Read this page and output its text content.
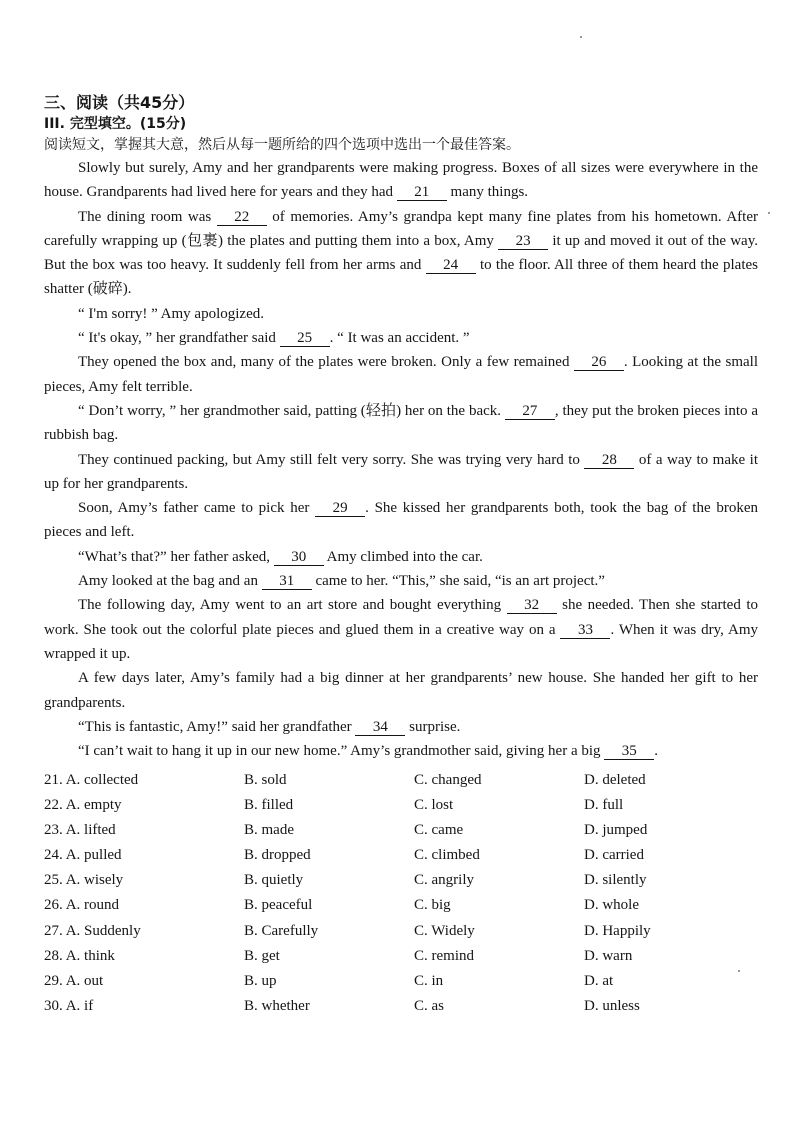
三、阅读（共45分）

III. 完型填空。(15分)

阅读短文，掌握其大意，然后从每一题所给的四个选项中选出一个最佳答案。

Slowly but surely, Amy and her grandparents were making progress. Boxes of all sizes were everywhere in the house. Grandparents had lived here for years and they had 21 many things.

The dining room was 22 of memories. Amy’s grandpa kept many fine plates from his hometown. After carefully wrapping up (包裹) the plates and putting them into a box, Amy 23 it up and moved it out of the way. But the box was too heavy. It suddenly fell from her arms and 24 to the floor. All three of them heard the plates shatter (破碎).

“ I'm sorry! ” Amy apologized.

“ It's okay, ” her grandfather said 25 . “ It was an accident. ”

They opened the box and, many of the plates were broken. Only a few remained 26 . Looking at the small pieces, Amy felt terrible.

“ Don’t worry, ” her grandmother said, patting (轻拍) her on the back. 27 , they put the broken pieces into a rubbish bag.

They continued packing, but Amy still felt very sorry. She was trying very hard to 28 of a way to make it up for her grandparents.

Soon, Amy’s father came to pick her 29 . She kissed her grandparents both, took the bag of the broken pieces and left.

“What’s that?” her father asked, 30 Amy climbed into the car.

Amy looked at the bag and an 31 came to her. “This,” she said, “is an art project.”

The following day, Amy went to an art store and bought everything 32 she needed. Then she started to work. She took out the colorful plate pieces and glued them in a creative way on a 33 . When it was dry, Amy wrapped it up.

A few days later, Amy’s family had a big dinner at her grandparents’ new house. She handed her gift to her grandparents.

“This is fantastic, Amy!” said her grandfather 34 surprise.

“I can’t wait to hang it up in our new home.” Amy’s grandmother said, giving her a big 35 .

21. A. collected	B. sold	C. changed	D. deleted
22. A. empty	B. filled	C. lost	D. full
23. A. lifted	B. made	C. came	D. jumped
24. A. pulled	B. dropped	C. climbed	D. carried
25. A. wisely	B. quietly	C. angrily	D. silently
26. A. round	B. peaceful	C. big	D. whole
27. A. Suddenly	B. Carefully	C. Widely	D. Happily
28. A. think	B. get	C. remind	D. warn
29. A. out	B. up	C. in	D. at
30. A. if	B. whether	C. as	D. unless
